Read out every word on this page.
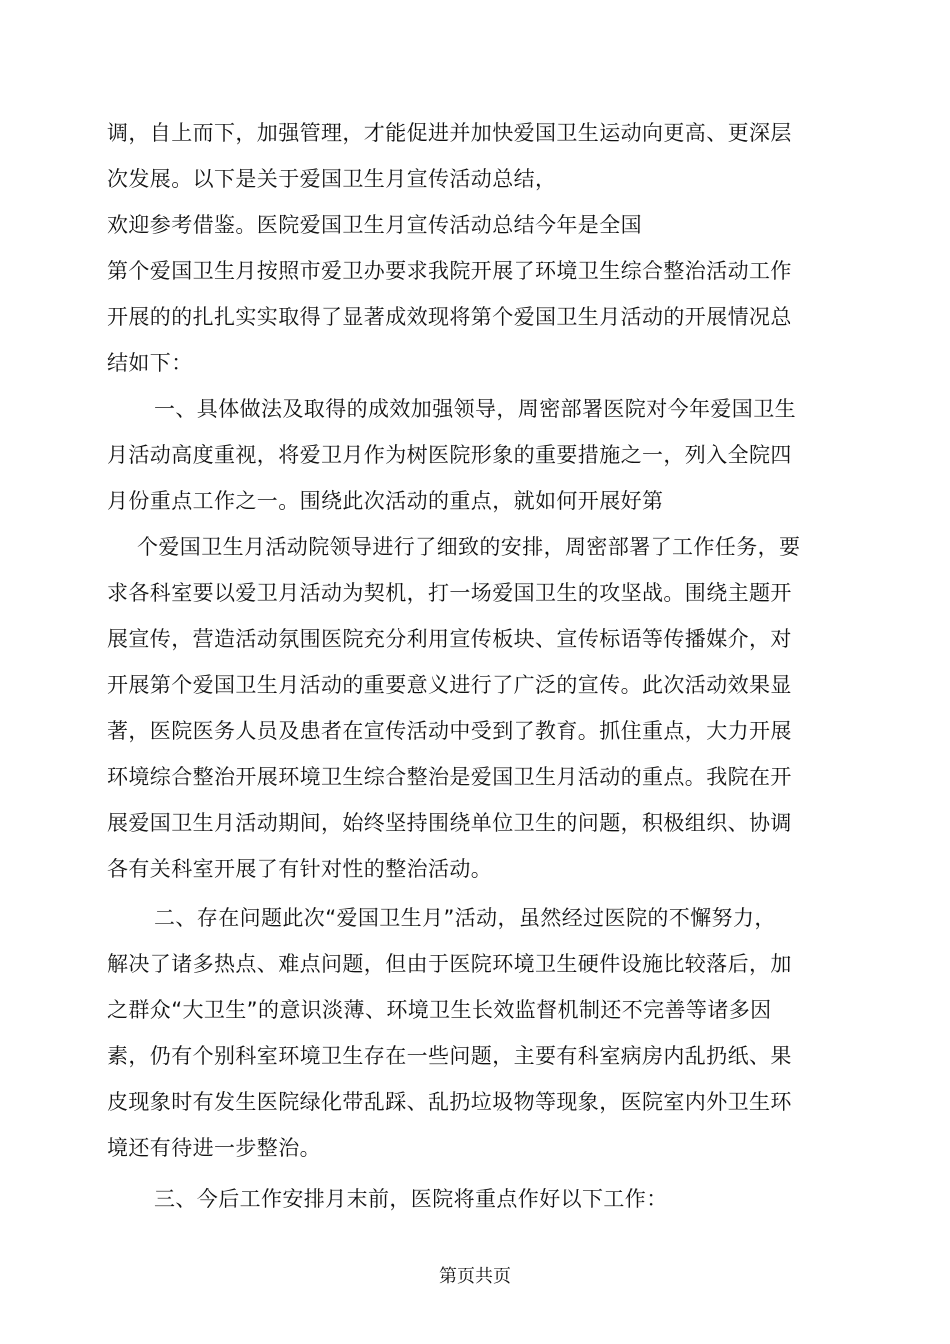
调，自上而下，加强管理，才能促进并加快爱国卫生运动向更高、更深层
次发展。以下是关于爱国卫生月宣传活动总结，
欢迎参考借鉴。医院爱国卫生月宣传活动总结今年是全国
第个爱国卫生月按照市爱卫办要求我院开展了环境卫生综合整治活动工作
开展的的扎扎实实取得了显著成效现将第个爱国卫生月活动的开展情况总
结如下：
一、具体做法及取得的成效加强领导，周密部署医院对今年爱国卫生
月活动高度重视，将爱卫月作为树医院形象的重要措施之一，列入全院四
月份重点工作之一。围绕此次活动的重点，就如何开展好第
个爱国卫生月活动院领导进行了细致的安排，周密部署了工作任务，要
求各科室要以爱卫月活动为契机，打一场爱国卫生的攻坚战。围绕主题开
展宣传，营造活动氛围医院充分利用宣传板块、宣传标语等传播媒介，对
开展第个爱国卫生月活动的重要意义进行了广泛的宣传。此次活动效果显
著，医院医务人员及患者在宣传活动中受到了教育。抓住重点，大力开展
环境综合整治开展环境卫生综合整治是爱国卫生月活动的重点。我院在开
展爱国卫生月活动期间，始终坚持围绕单位卫生的问题，积极组织、协调
各有关科室开展了有针对性的整治活动。
二、存在问题此次“爱国卫生月”活动，虽然经过医院的不懈努力，
解决了诸多热点、难点问题，但由于医院环境卫生硬件设施比较落后，加
之群众“大卫生”的意识淡薄、环境卫生长效监督机制还不完善等诸多因
素，仍有个别科室环境卫生存在一些问题，主要有科室病房内乱扔纸、果
皮现象时有发生医院绿化带乱踩、乱扔垃圾物等现象，医院室内外卫生环
境还有待进一步整治。
三、今后工作安排月末前，医院将重点作好以下工作：
第页共页
